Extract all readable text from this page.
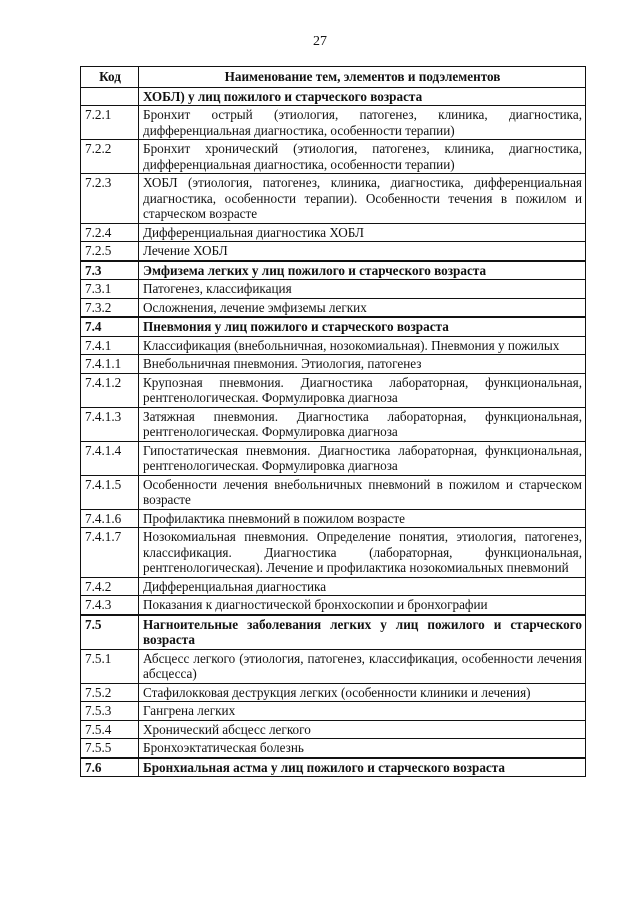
27
Код	Наименование тем, элементов и подэлементов
	ХОБЛ) у лиц пожилого и старческого возраста
7.2.1	Бронхит острый (этиология, патогенез, клиника, диагностика, дифференциальная диагностика, особенности терапии)
7.2.2	Бронхит хронический (этиология, патогенез, клиника, диагностика, дифференциальная диагностика, особенности терапии)
7.2.3	ХОБЛ (этиология, патогенез, клиника, диагностика, дифференциальная диагностика, особенности терапии). Особенности течения в пожилом и старческом возрасте
7.2.4	Дифференциальная диагностика ХОБЛ
7.2.5	Лечение ХОБЛ
7.3	Эмфизема легких у лиц пожилого и старческого возраста
7.3.1	Патогенез, классификация
7.3.2	Осложнения, лечение эмфиземы легких
7.4	Пневмония у лиц пожилого и старческого возраста
7.4.1	Классификация (внебольничная, нозокомиальная). Пневмония у пожилых
7.4.1.1	Внебольничная пневмония. Этиология, патогенез
7.4.1.2	Крупозная пневмония. Диагностика лабораторная, функциональная, рентгенологическая. Формулировка диагноза
7.4.1.3	Затяжная пневмония. Диагностика лабораторная, функциональная, рентгенологическая. Формулировка диагноза
7.4.1.4	Гипостатическая пневмония. Диагностика лабораторная, функциональная, рентгенологическая. Формулировка диагноза
7.4.1.5	Особенности лечения внебольничных пневмоний в пожилом и старческом возрасте
7.4.1.6	Профилактика пневмоний в пожилом возрасте
7.4.1.7	Нозокомиальная пневмония. Определение понятия, этиология, патогенез, классификация. Диагностика (лабораторная, функциональная, рентгенологическая). Лечение и профилактика нозокомиальных пневмоний
7.4.2	Дифференциальная диагностика
7.4.3	Показания к диагностической бронхоскопии и бронхографии
7.5	Нагноительные заболевания легких у лиц пожилого и старческого возраста
7.5.1	Абсцесс легкого (этиология, патогенез, классификация, особенности лечения абсцесса)
7.5.2	Стафилокковая деструкция легких (особенности клиники и лечения)
7.5.3	Гангрена легких
7.5.4	Хронический абсцесс легкого
7.5.5	Бронхоэктатическая болезнь
7.6	Бронхиальная астма у лиц пожилого и старческого возраста
